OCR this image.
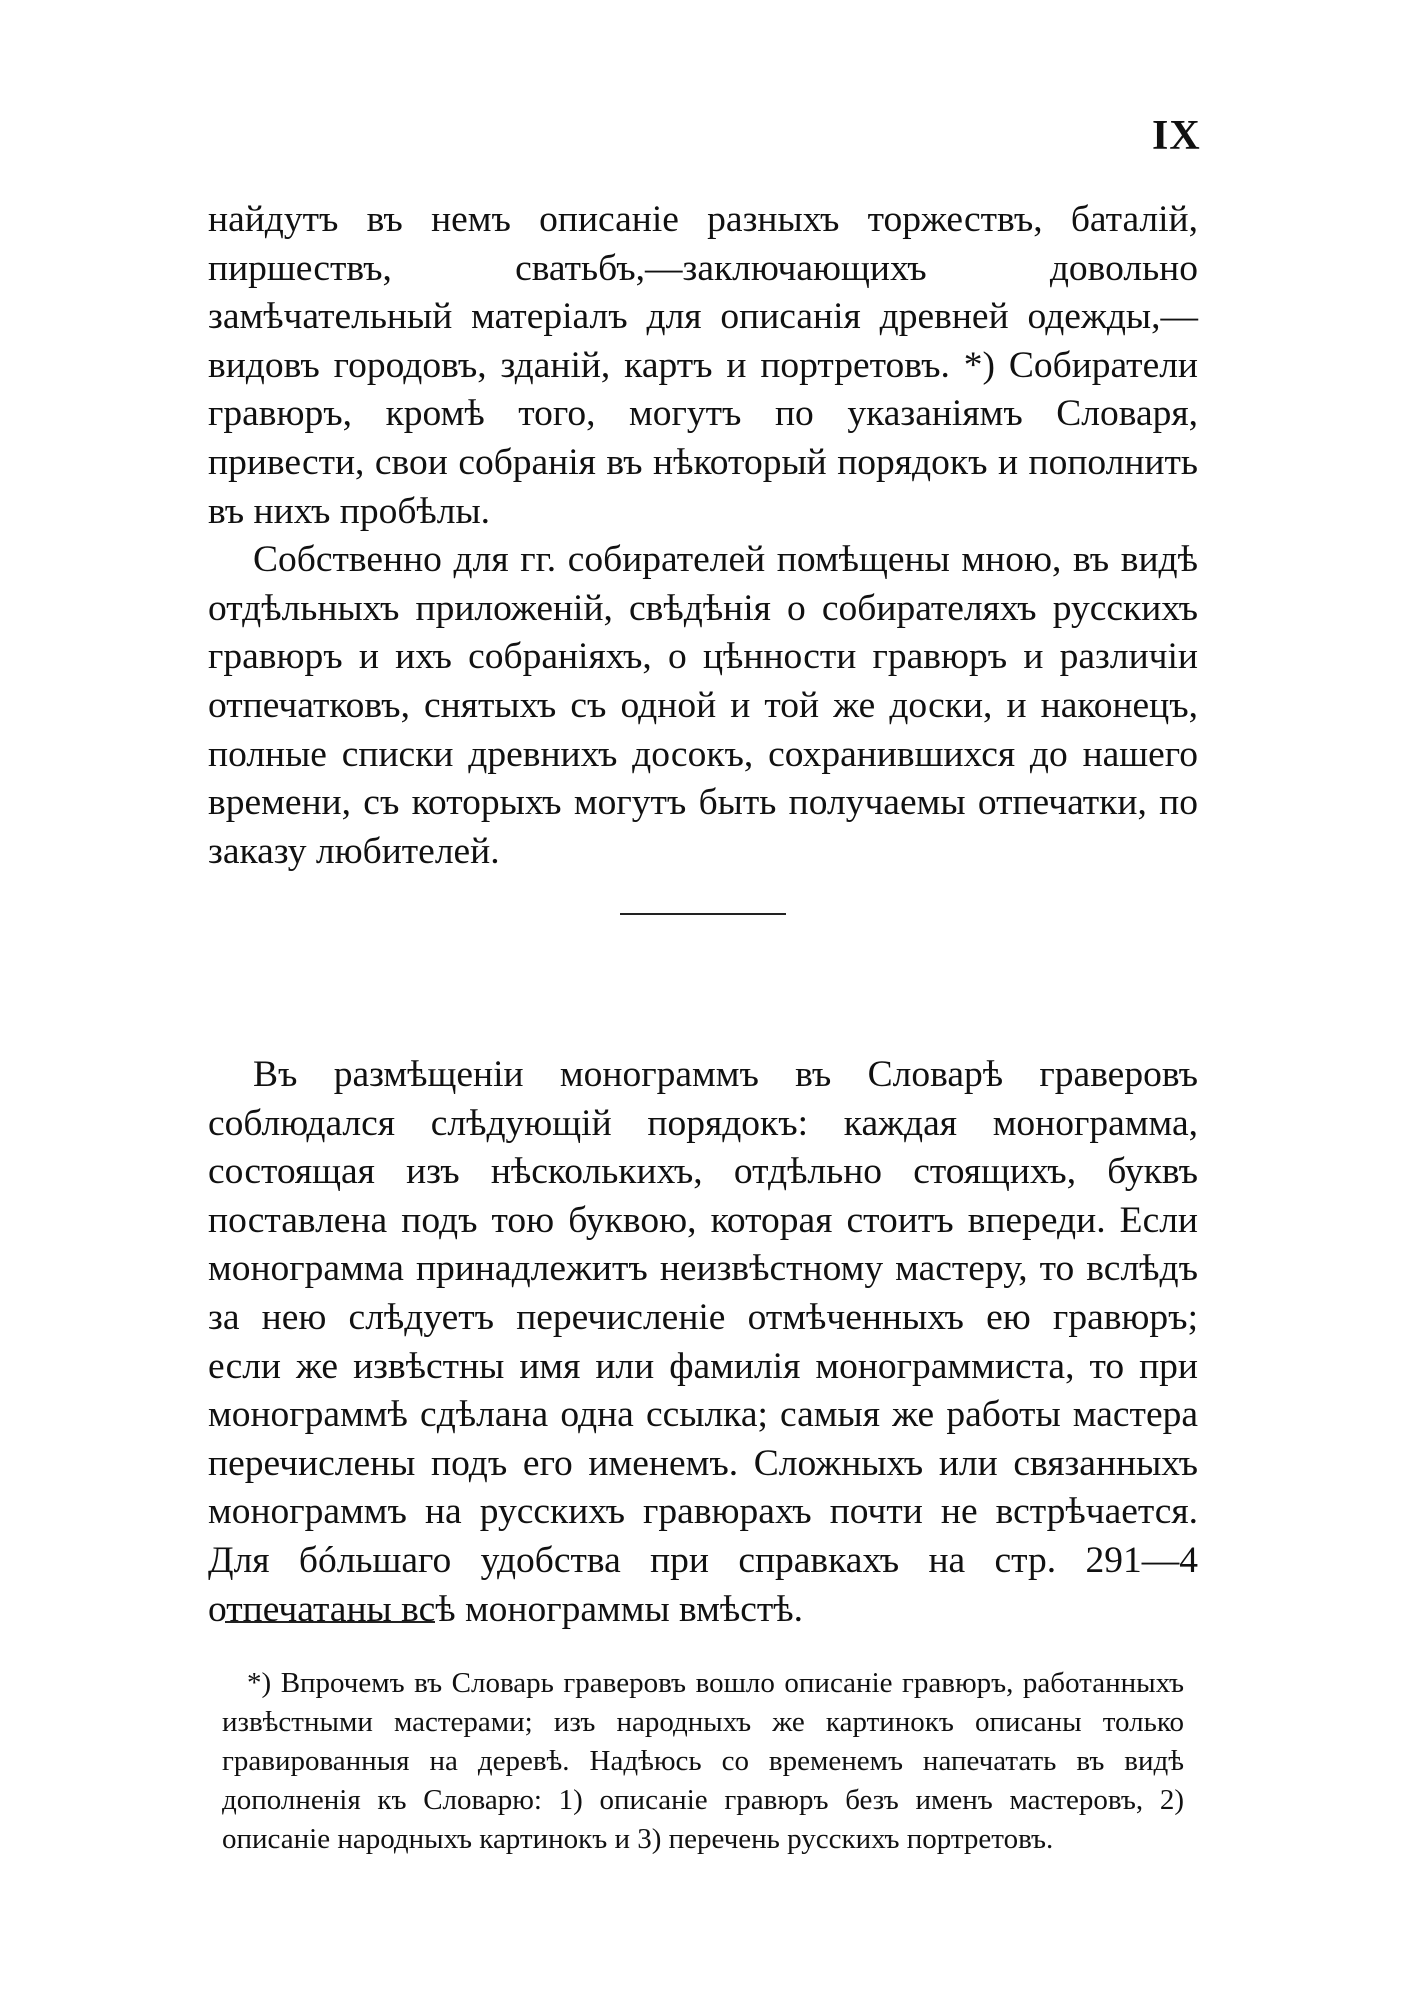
IX

найдутъ въ немъ описаніе разныхъ торжествъ, баталій, пиршествъ, сватьбъ,—заключающихъ довольно замѣчательный матеріалъ для описанія древней одежды,—видовъ городовъ, зданій, картъ и портретовъ. *) Собиратели гравюръ, кромѣ того, могутъ по указаніямъ Словаря, привести, свои собранія въ нѣкоторый порядокъ и пополнить въ нихъ пробѣлы.

Собственно для гг. собирателей помѣщены мною, въ видѣ отдѣльныхъ приложеній, свѣдѣнія о собирателяхъ русскихъ гравюръ и ихъ собраніяхъ, о цѣнности гравюръ и различіи отпечатковъ, снятыхъ съ одной и той же доски, и наконецъ, полные списки древнихъ досокъ, сохранившихся до нашего времени, съ которыхъ могутъ быть получаемы отпечатки, по заказу любителей.

Въ размѣщеніи монограммъ въ Словарѣ граверовъ соблюдался слѣдующій порядокъ: каждая монограмма, состоящая изъ нѣсколькихъ, отдѣльно стоящихъ, буквъ поставлена подъ тою буквою, которая стоитъ впереди. Если монограмма принадлежитъ неизвѣстному мастеру, то вслѣдъ за нею слѣдуетъ перечисленіе отмѣченныхъ ею гравюръ; если же извѣстны имя или фамилія монограммиста, то при монограммѣ сдѣлана одна ссылка; самыя же работы мастера перечислены подъ его именемъ. Сложныхъ или связанныхъ монограммъ на русскихъ гравюрахъ почти не встрѣчается. Для бóльшаго удобства при справкахъ на стр. 291—4 отпечатаны всѣ монограммы вмѣстѣ.

*) Впрочемъ въ Словарь граверовъ вошло описаніе гравюръ, работанныхъ извѣстными мастерами; изъ народныхъ же картинокъ описаны только гравированныя на деревѣ. Надѣюсь со временемъ напечатать въ видѣ дополненія къ Словарю: 1) описаніе гравюръ безъ именъ мастеровъ, 2) описаніе народныхъ картинокъ и 3) перечень русскихъ портретовъ.
